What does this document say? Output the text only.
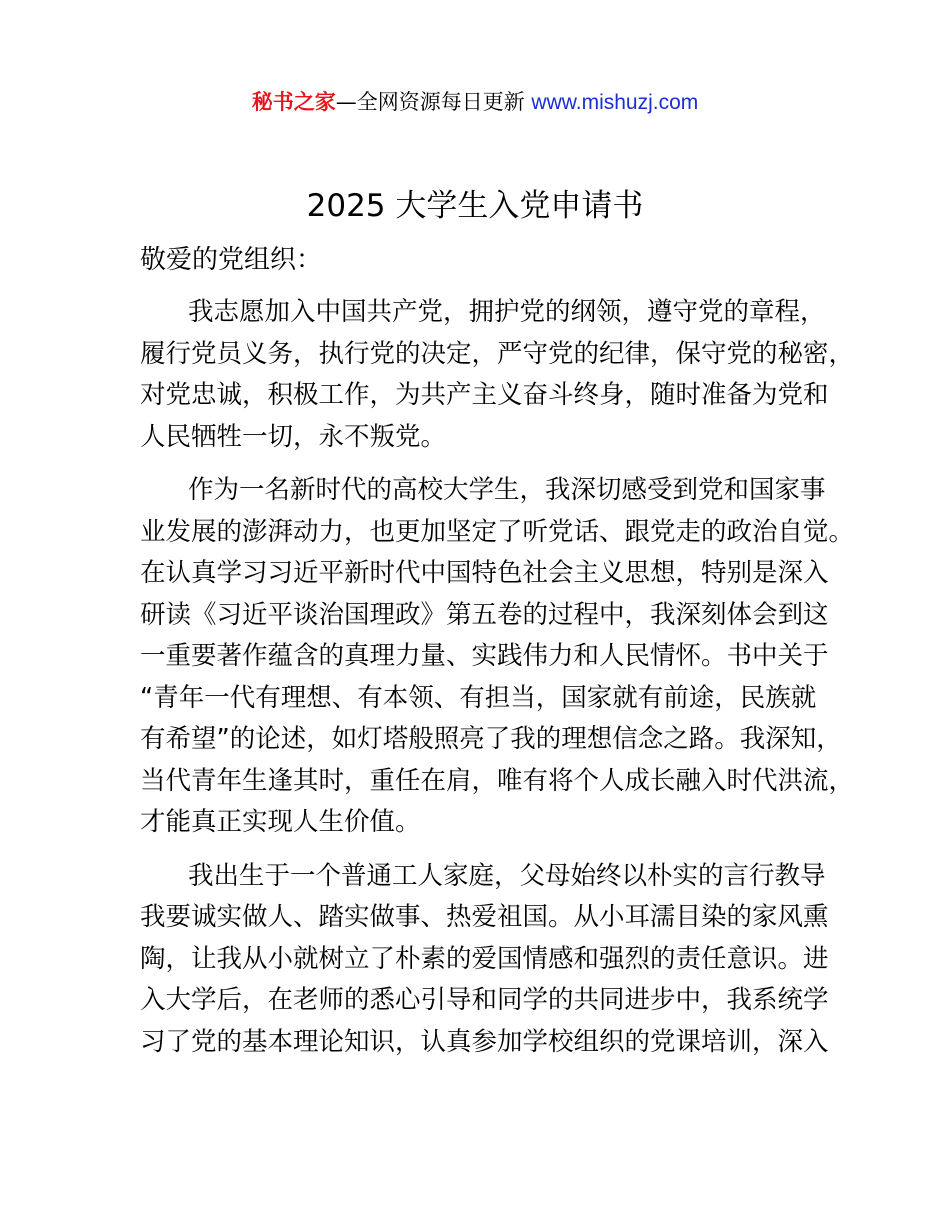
秘书之家—全网资源每日更新 www.mishuzj.com
2025 大学生入党申请书

敬爱的党组织：

我志愿加入中国共产党，拥护党的纲领，遵守党的章程，
履行党员义务，执行党的决定，严守党的纪律，保守党的秘密，
对党忠诚，积极工作，为共产主义奋斗终身，随时准备为党和
人民牺牲一切，永不叛党。
作为一名新时代的高校大学生，我深切感受到党和国家事
业发展的澎湃动力，也更加坚定了听党话、跟党走的政治自觉。
在认真学习习近平新时代中国特色社会主义思想，特别是深入
研读《习近平谈治国理政》第五卷的过程中，我深刻体会到这
一重要著作蕴含的真理力量、实践伟力和人民情怀。书中关于
“青年一代有理想、有本领、有担当，国家就有前途，民族就
有希望”的论述，如灯塔般照亮了我的理想信念之路。我深知，
当代青年生逢其时，重任在肩，唯有将个人成长融入时代洪流，
才能真正实现人生价值。
我出生于一个普通工人家庭，父母始终以朴实的言行教导
我要诚实做人、踏实做事、热爱祖国。从小耳濡目染的家风熏
陶，让我从小就树立了朴素的爱国情感和强烈的责任意识。进
入大学后，在老师的悉心引导和同学的共同进步中，我系统学
习了党的基本理论知识，认真参加学校组织的党课培训，深入
